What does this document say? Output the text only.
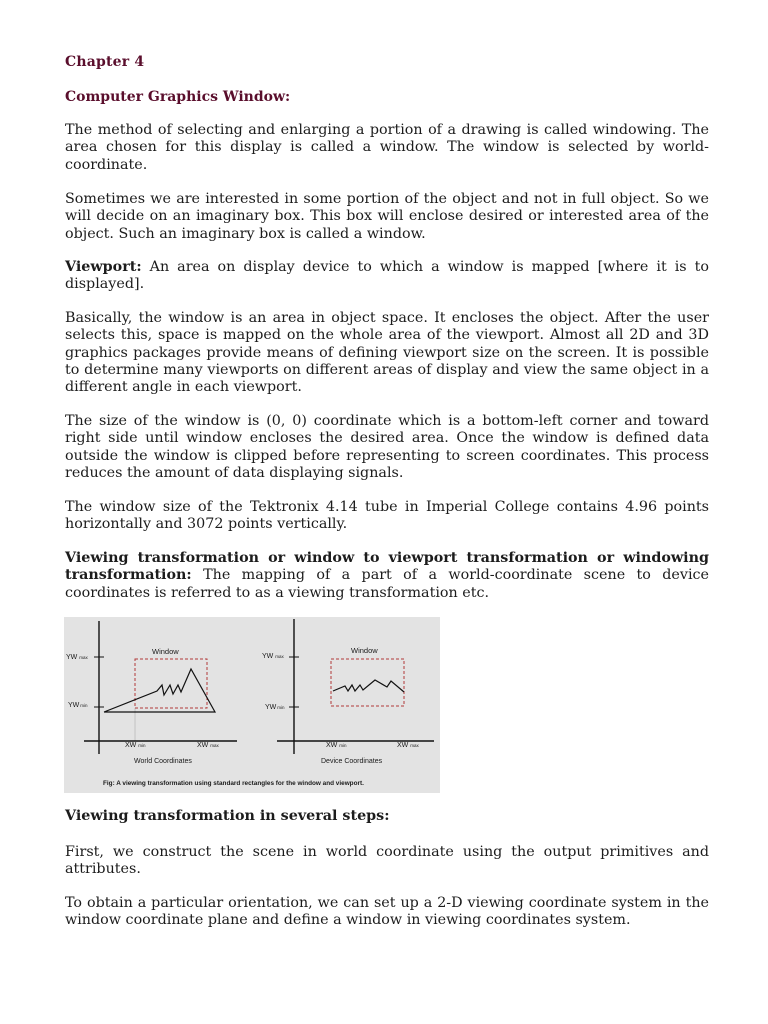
Chapter 4
Computer Graphics Window:

The method of selecting and enlarging a portion of a drawing is called windowing. The area chosen for this display is called a window. The window is selected by world-coordinate.

Sometimes we are interested in some portion of the object and not in full object. So we will decide on an imaginary box. This box will enclose desired or interested area of the object. Such an imaginary box is called a window.

Viewport: An area on display device to which a window is mapped [where it is to displayed].

Basically, the window is an area in object space. It encloses the object. After the user selects this, space is mapped on the whole area of the viewport. Almost all 2D and 3D graphics packages provide means of defining viewport size on the screen. It is possible to determine many viewports on different areas of display and view the same object in a different angle in each viewport.

The size of the window is (0, 0) coordinate which is a bottom-left corner and toward right side until window encloses the desired area. Once the window is defined data outside the window is clipped before representing to screen coordinates. This process reduces the amount of data displaying signals.

The window size of the Tektronix 4.14 tube in Imperial College contains 4.96 points horizontally and 3072 points vertically.

Viewing transformation or window to viewport transformation or windowing transformation: The mapping of a part of a world-coordinate scene to device coordinates is referred to as a viewing transformation etc.

Viewing transformation in several steps:

First, we construct the scene in world coordinate using the output primitives and attributes.

To obtain a particular orientation, we can set up a 2-D viewing coordinate system in the window coordinate plane and define a window in viewing coordinates system.

Window
YW max
YWmin
XW min	XW max
World Coordinates
Window
YW max
YWmin
XW min	XW max
Device Coordinates
Fig: A viewing transformation using standard rectangles for the window and viewport.
